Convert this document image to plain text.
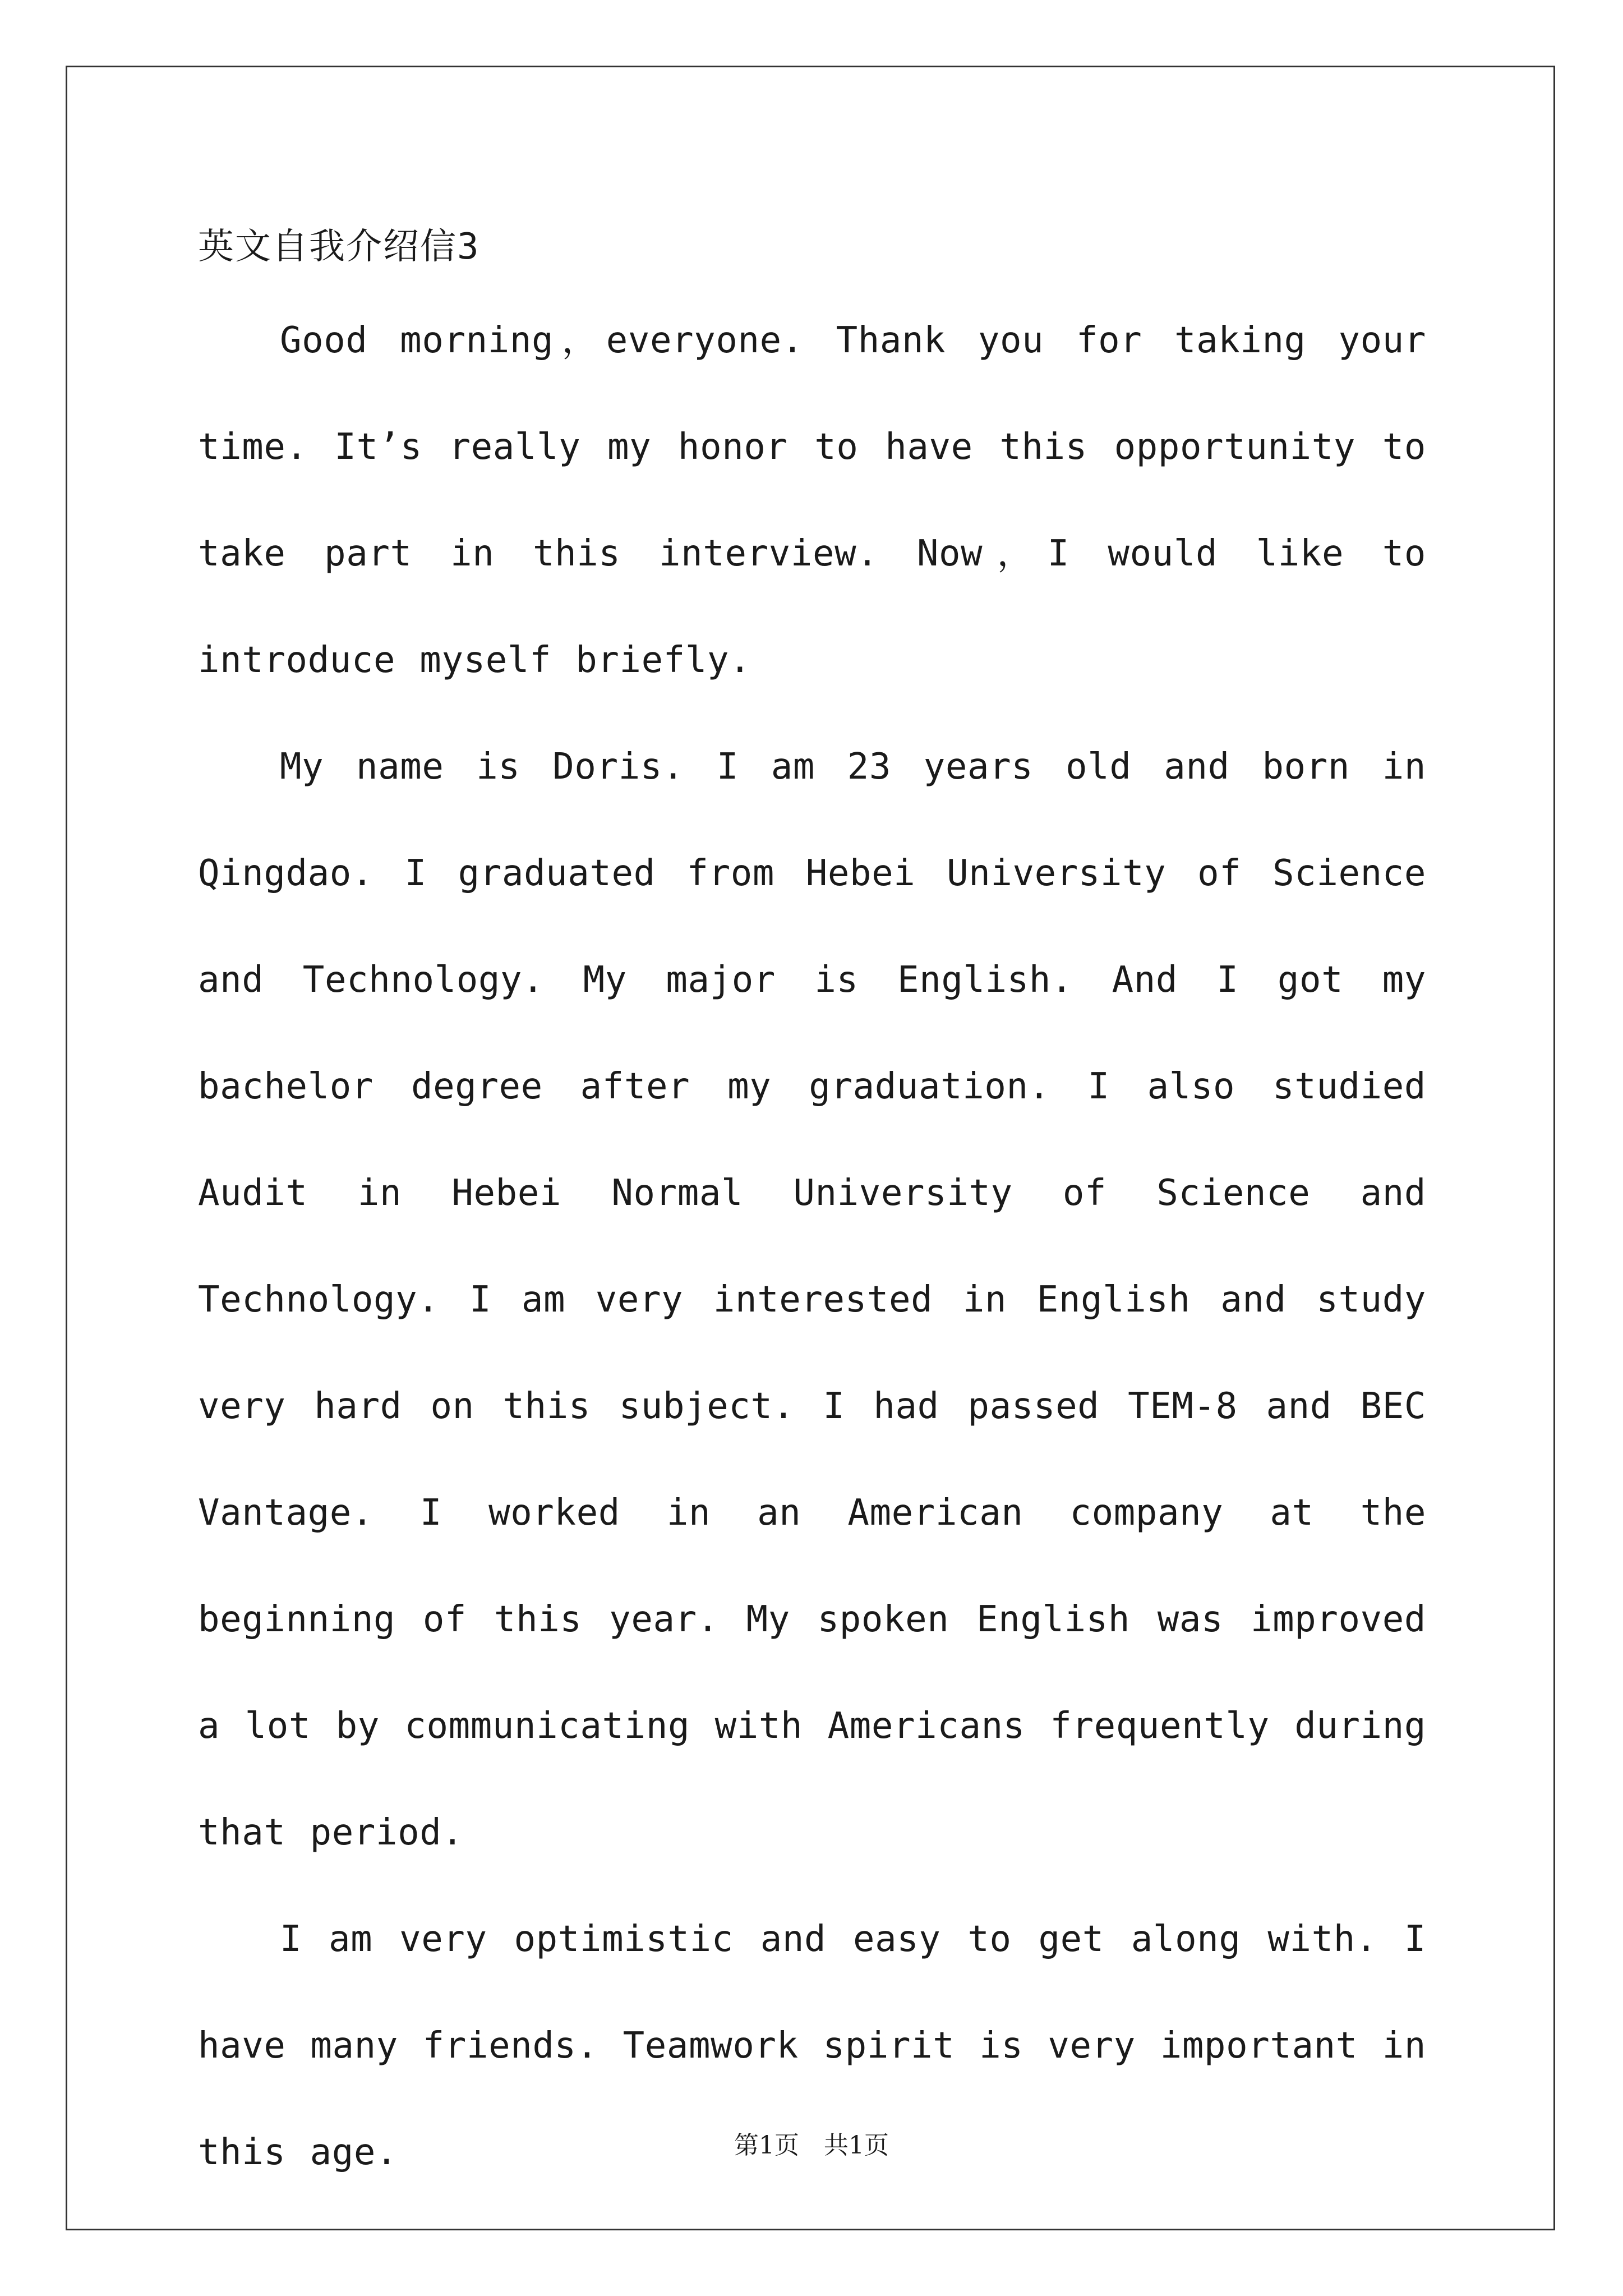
英文自我介绍信3

Good morning，everyone. Thank you for taking your time. It’s really my honor to have this opportunity to take part in this interview. Now，I would like to introduce myself briefly.

My name is Doris. I am 23 years old and born in Qingdao. I graduated from Hebei University of Science and Technology. My major is English. And I got my bachelor degree after my graduation. I also studied Audit in Hebei Normal University of Science and Technology. I am very interested in English and study very hard on this subject. I had passed TEM-8 and BEC Vantage. I worked in an American company at the beginning of this year. My spoken English was improved a lot by communicating with Americans frequently during that period.

I am very optimistic and easy to get along with. I have many friends. Teamwork spirit is very important in this age.	第1页　共1页
